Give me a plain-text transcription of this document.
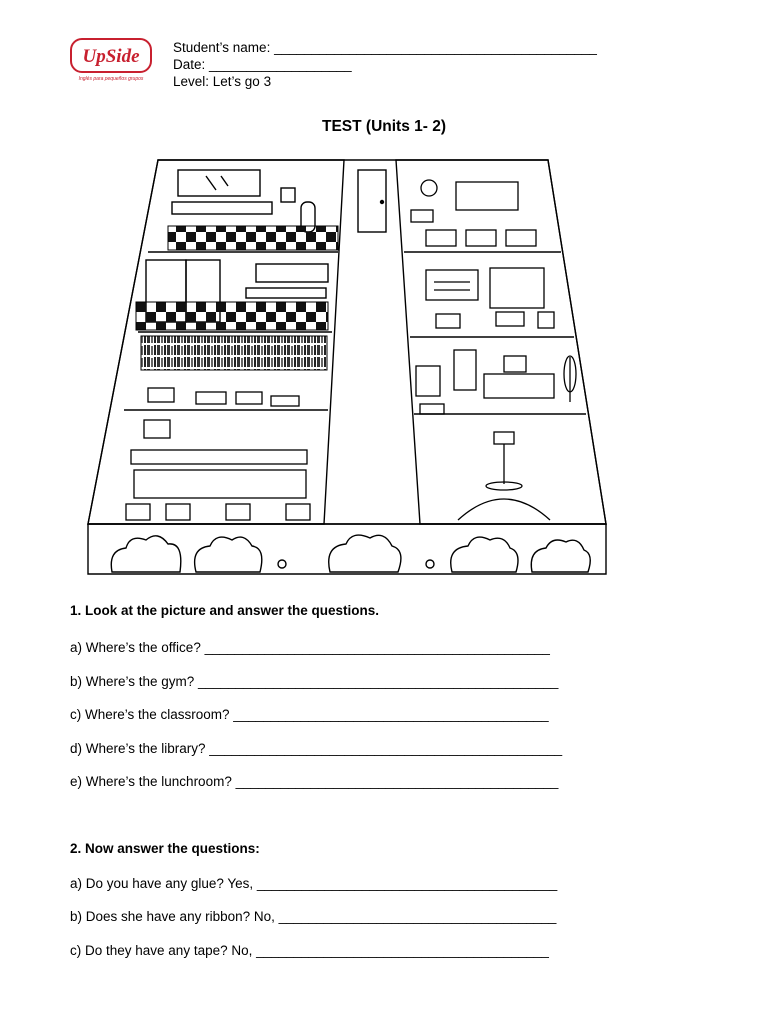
UpSide
Inglés para pequeños grupos
Student’s name: ___________________________________________
Date: ___________________
Level: Let’s go 3
TEST (Units 1- 2)
1. Look at the picture and answer the questions.
a) Where’s the office? ______________________________________________
b) Where’s the gym? ________________________________________________
c) Where’s the classroom? __________________________________________
d) Where’s the library? _______________________________________________
e) Where’s the lunchroom? ___________________________________________
2. Now answer the questions:
a) Do you have any glue? Yes, ________________________________________
b) Does she have any ribbon? No, _____________________________________
c) Do they have any tape? No, _______________________________________
